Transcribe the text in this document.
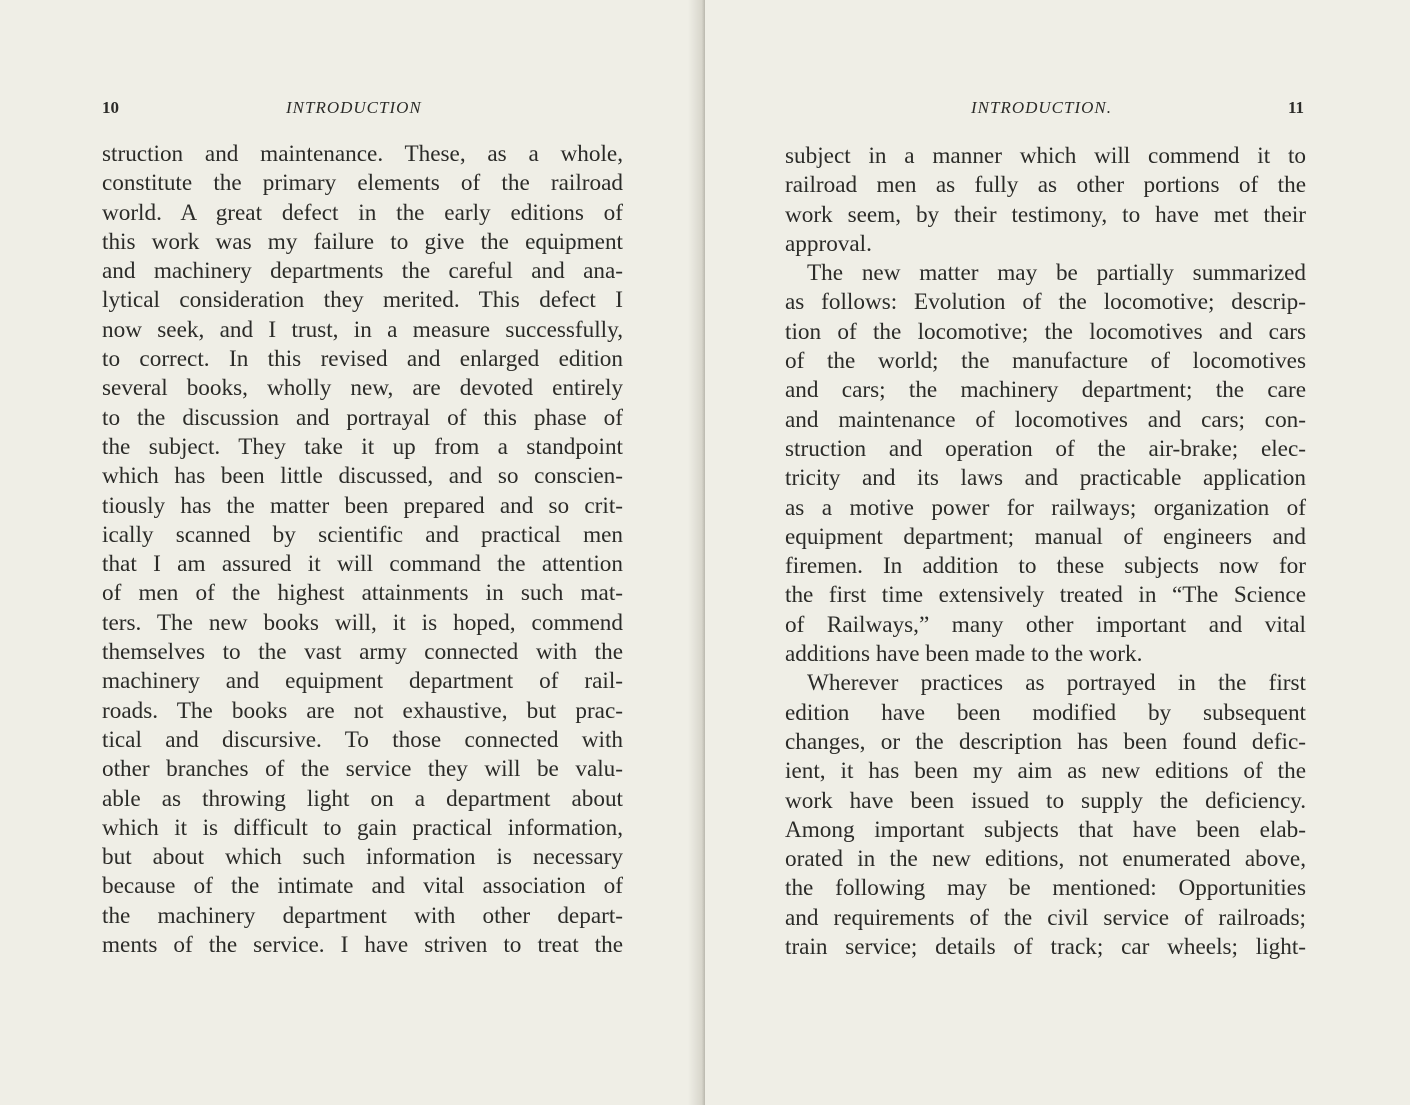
10	INTRODUCTION
struction and maintenance. These, as a whole,
constitute the primary elements of the railroad
world. A great defect in the early editions of
this work was my failure to give the equipment
and machinery departments the careful and ana-
lytical consideration they merited. This defect I
now seek, and I trust, in a measure successfully,
to correct. In this revised and enlarged edition
several books, wholly new, are devoted entirely
to the discussion and portrayal of this phase of
the subject. They take it up from a standpoint
which has been little discussed, and so conscien-
tiously has the matter been prepared and so crit-
ically scanned by scientific and practical men
that I am assured it will command the attention
of men of the highest attainments in such mat-
ters. The new books will, it is hoped, commend
themselves to the vast army connected with the
machinery and equipment department of rail-
roads. The books are not exhaustive, but prac-
tical and discursive. To those connected with
other branches of the service they will be valu-
able as throwing light on a department about
which it is difficult to gain practical information,
but about which such information is necessary
because of the intimate and vital association of
the machinery department with other depart-
ments of the service. I have striven to treat the
INTRODUCTION.	11
subject in a manner which will commend it to
railroad men as fully as other portions of the
work seem, by their testimony, to have met their
approval.
The new matter may be partially summarized
as follows: Evolution of the locomotive; descrip-
tion of the locomotive; the locomotives and cars
of the world; the manufacture of locomotives
and cars; the machinery department; the care
and maintenance of locomotives and cars; con-
struction and operation of the air-brake; elec-
tricity and its laws and practicable application
as a motive power for railways; organization of
equipment department; manual of engineers and
firemen. In addition to these subjects now for
the first time extensively treated in “The Science
of Railways,” many other important and vital
additions have been made to the work.
Wherever practices as portrayed in the first
edition have been modified by subsequent
changes, or the description has been found defic-
ient, it has been my aim as new editions of the
work have been issued to supply the deficiency.
Among important subjects that have been elab-
orated in the new editions, not enumerated above,
the following may be mentioned: Opportunities
and requirements of the civil service of railroads;
train service; details of track; car wheels; light-
